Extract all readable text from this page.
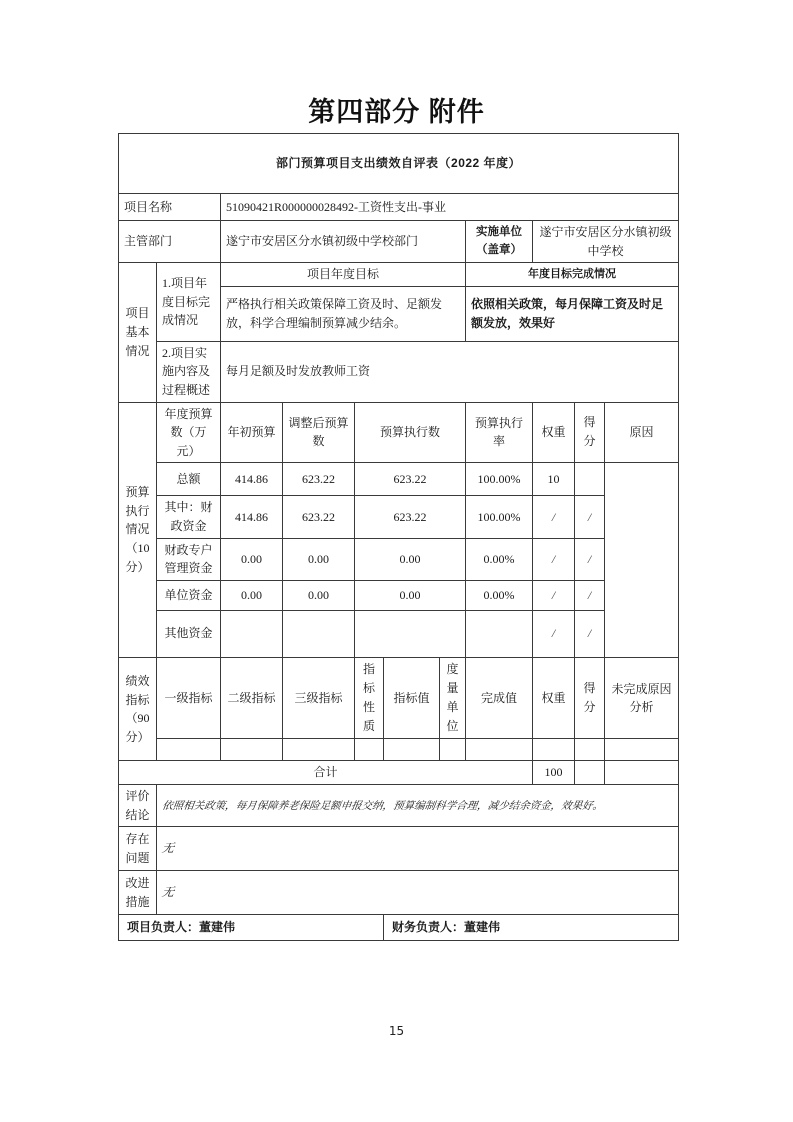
第四部分 附件
部门预算项目支出绩效自评表（2022 年度）										
项目名称		51090421R000000028492-工资性支出-事业								
主管部门		遂宁市安居区分水镇初级中学校部门					实施单位（盖章）	遂宁市安居区分水镇初级中学校		
项目基本情况	1.项目年度目标完成情况	项目年度目标					年度目标完成情况			
		严格执行相关政策保障工资及时、足额发放，科学合理编制预算减少结余。					依照相关政策，每月保障工资及时足额发放，效果好			
	2.项目实施内容及过程概述	每月足额及时发放教师工资								
预算执行情况（10分）	年度预算数（万元）	年初预算	调整后预算数	预算执行数			预算执行率	权重	得分	原因
	总额	414.86	623.22	623.22			100.00%	10		
	其中：财政资金	414.86	623.22	623.22			100.00%	/	/	
	财政专户管理资金	0.00	0.00	0.00			0.00%	/	/	
	单位资金	0.00	0.00	0.00			0.00%	/	/	
	其他资金							/	/	
绩效指标（90分）	一级指标	二级指标	三级指标	指标性质	指标值	度量单位	完成值	权重	得分	未完成原因分析

合计								100		
评价结论	依照相关政策，每月保障养老保险足额申报交纳，预算编制科学合理，减少结余资金，效果好。									
存在问题	无									
改进措施	无									
项目负责人：董建伟					财务负责人：董建伟					
15
